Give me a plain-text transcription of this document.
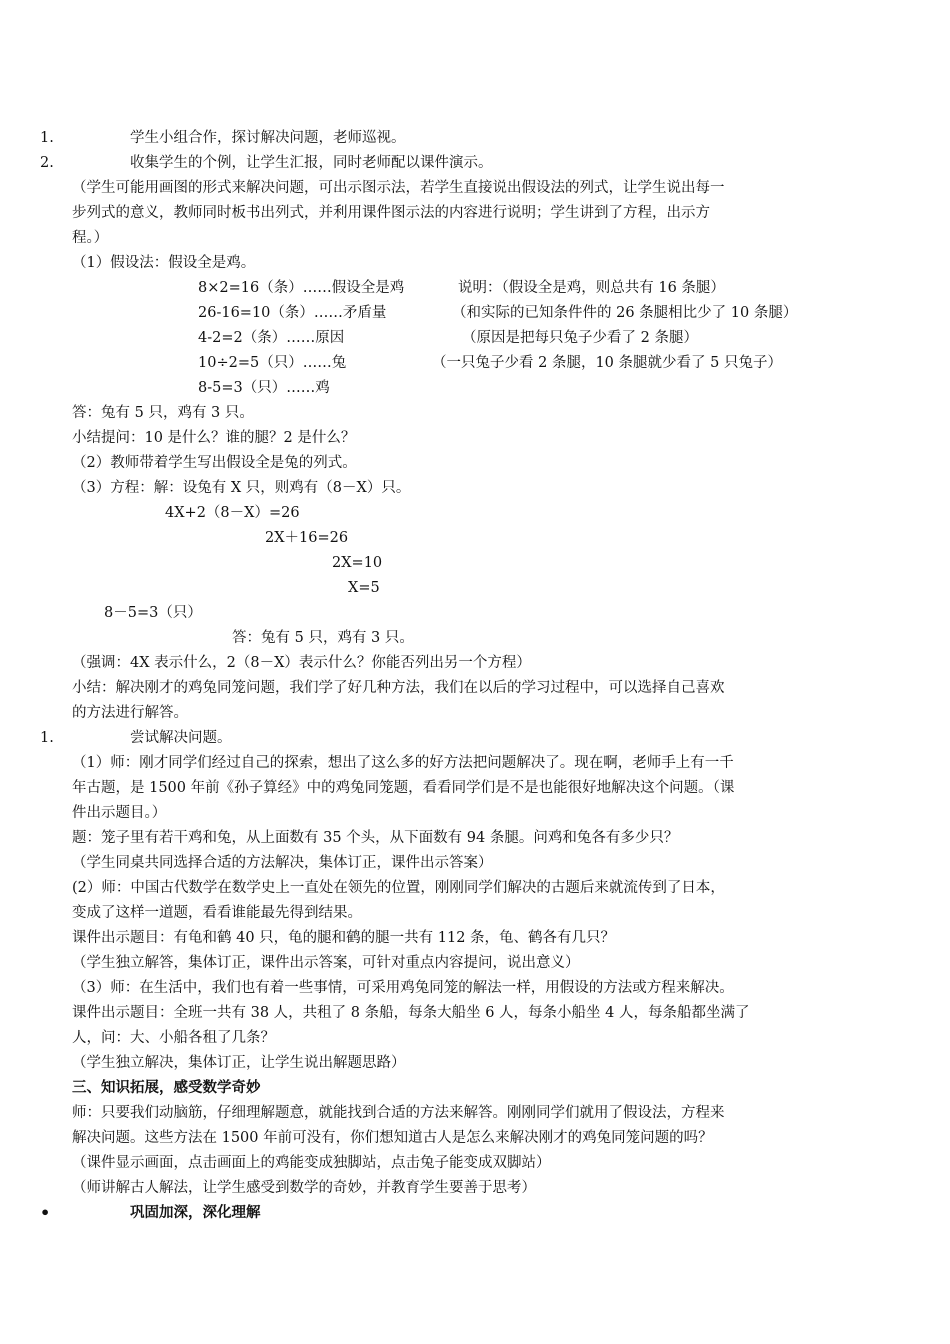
1.	学生小组合作，探讨解决问题，老师巡视。
2.	收集学生的个例，让学生汇报，同时老师配以课件演示。
（学生可能用画图的形式来解决问题，可出示图示法，若学生直接说出假设法的列式，让学生说出每一
步列式的意义，教师同时板书出列式，并利用课件图示法的内容进行说明；学生讲到了方程，出示方
程。）
（1）假设法：假设全是鸡。
8×2=16（条）……假设全是鸡	说明：（假设全是鸡，则总共有 16 条腿）
26-16=10（条）……矛盾量	（和实际的已知条件件的 26 条腿相比少了 10 条腿）
4-2=2（条）……原因	（原因是把每只兔子少看了 2 条腿）
10÷2=5（只）……兔	（一只兔子少看 2 条腿，10 条腿就少看了 5 只兔子）
8-5=3（只）……鸡
答：兔有 5 只，鸡有 3 只。
小结提问：10 是什么？谁的腿？2 是什么？
（2）教师带着学生写出假设全是兔的列式。
（3）方程：解：设兔有 X 只，则鸡有（8－X）只。
4X+2（8－X）=26
2X＋16=26
2X=10
X=5
8－5=3（只）
答：兔有 5 只，鸡有 3 只。
（强调：4X 表示什么，2（8－X）表示什么？你能否列出另一个方程）
小结：解决刚才的鸡兔同笼问题，我们学了好几种方法，我们在以后的学习过程中，可以选择自己喜欢
的方法进行解答。
1.	尝试解决问题。
（1）师：刚才同学们经过自己的探索，想出了这么多的好方法把问题解决了。现在啊，老师手上有一千
年古题，是 1500 年前《孙子算经》中的鸡兔同笼题，看看同学们是不是也能很好地解决这个问题。（课
件出示题目。）
题：笼子里有若干鸡和兔，从上面数有 35 个头，从下面数有 94 条腿。问鸡和兔各有多少只？
（学生同桌共同选择合适的方法解决，集体订正，课件出示答案）
(2）师：中国古代数学在数学史上一直处在领先的位置，刚刚同学们解决的古题后来就流传到了日本，
变成了这样一道题，看看谁能最先得到结果。
课件出示题目：有龟和鹤 40 只，龟的腿和鹤的腿一共有 112 条，龟、鹤各有几只？
（学生独立解答，集体订正，课件出示答案，可针对重点内容提问，说出意义）
（3）师：在生活中，我们也有着一些事情，可采用鸡兔同笼的解法一样，用假设的方法或方程来解决。
课件出示题目：全班一共有 38 人，共租了 8 条船，每条大船坐 6 人，每条小船坐 4 人，每条船都坐满了
人，问：大、小船各租了几条？
（学生独立解决，集体订正，让学生说出解题思路）
三、知识拓展，感受数学奇妙
师：只要我们动脑筋，仔细理解题意，就能找到合适的方法来解答。刚刚同学们就用了假设法，方程来
解决问题。这些方法在 1500 年前可没有，你们想知道古人是怎么来解决刚才的鸡兔同笼问题的吗？
（课件显示画面，点击画面上的鸡能变成独脚站，点击兔子能变成双脚站）
（师讲解古人解法，让学生感受到数学的奇妙，并教育学生要善于思考）
•	巩固加深，深化理解
